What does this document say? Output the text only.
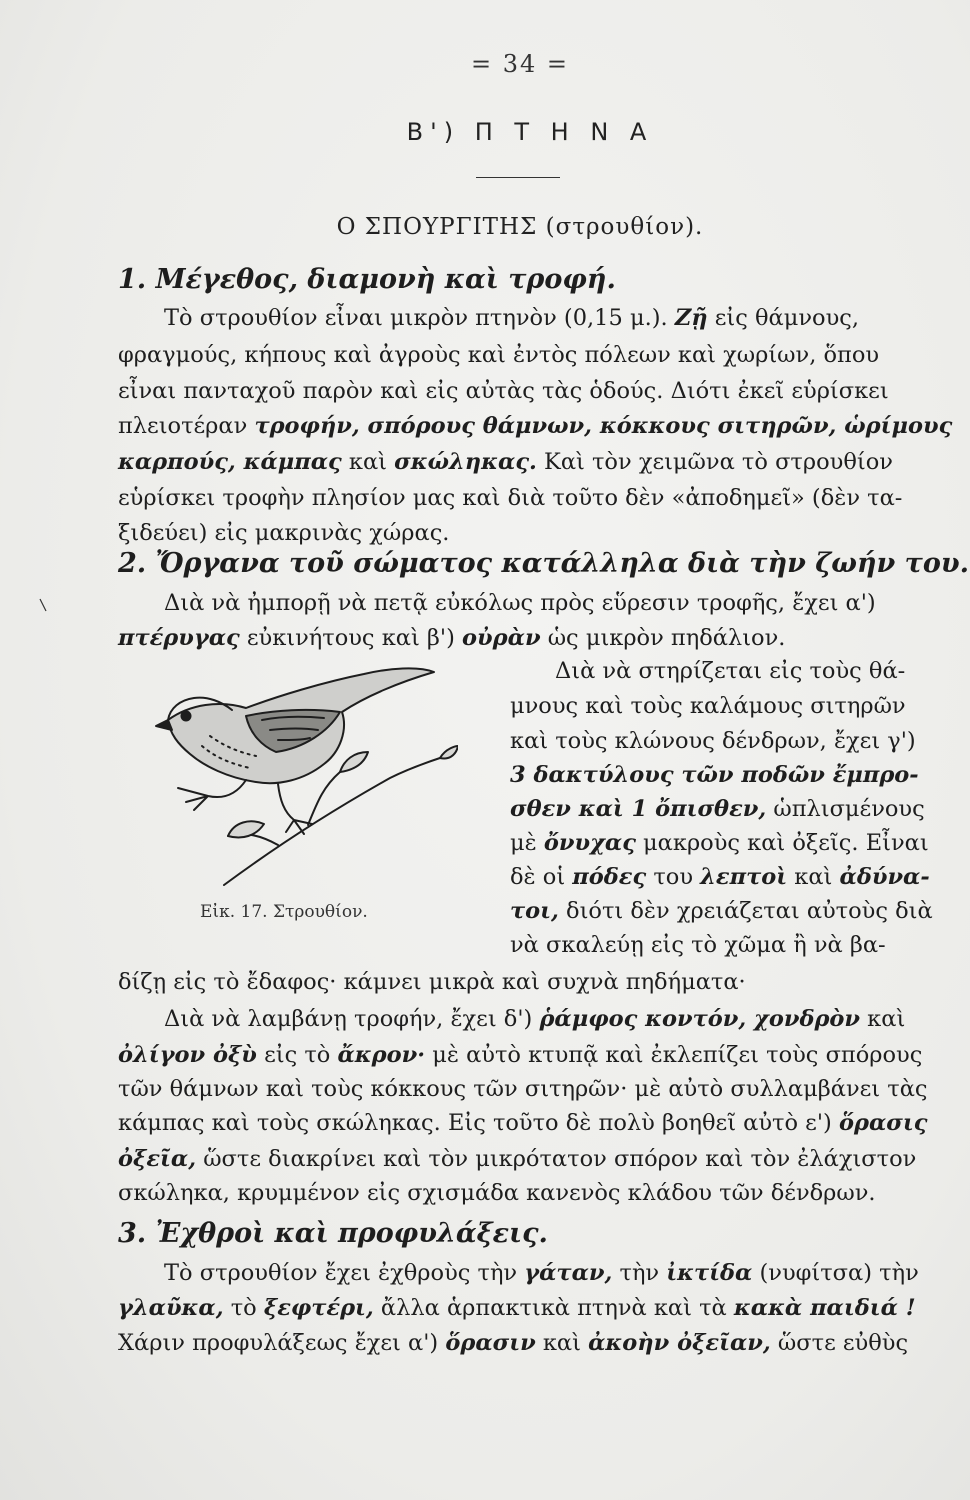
= 34 =
Β') Π Τ Η Ν Α
Ο ΣΠΟΥΡΓΙΤΗΣ (στρουθίον).
1. Μέγεθος, διαμονὴ καὶ τροφή.
Τὸ στρουθίον εἶναι μικρὸν πτηνὸν (0,15 μ.). Ζῇ εἰς θάμνους,
φραγμούς, κήπους καὶ ἀγροὺς καὶ ἐντὸς πόλεων καὶ χωρίων, ὅπου
εἶναι πανταχοῦ παρὸν καὶ εἰς αὐτὰς τὰς ὁδούς. Διότι ἐκεῖ εὑρίσκει
πλειοτέραν τροφήν, σπόρους θάμνων, κόκκους σιτηρῶν, ὡρίμους
καρπούς, κάμπας καὶ σκώληκας. Καὶ τὸν χειμῶνα τὸ στρουθίον
εὑρίσκει τροφὴν πλησίον μας καὶ διὰ τοῦτο δὲν «ἀποδημεῖ» (δὲν τα-
ξιδεύει) εἰς μακρινὰς χώρας.
2. Ὄργανα τοῦ σώματος κατάλληλα διὰ τὴν ζωήν του.
Διὰ νὰ ἠμπορῇ νὰ πετᾷ εὐκόλως πρὸς εὕρεσιν τροφῆς, ἔχει α')
πτέρυγας εὐκινήτους καὶ β') οὐρὰν ὡς μικρὸν πηδάλιον.
Διὰ νὰ στηρίζεται εἰς τοὺς θά-
μνους καὶ τοὺς καλάμους σιτηρῶν
καὶ τοὺς κλώνους δένδρων, ἔχει γ')
3 δακτύλους τῶν ποδῶν ἔμπρο-
σθεν καὶ 1 ὄπισθεν, ὡπλισμένους
μὲ ὄνυχας μακροὺς καὶ ὀξεῖς. Εἶναι
δὲ οἱ πόδες του λεπτοὶ καὶ ἀδύνα-
τοι, διότι δὲν χρειάζεται αὐτοὺς διὰ
νὰ σκαλεύῃ εἰς τὸ χῶμα ἢ νὰ βα-
Εἰκ. 17. Στρουθίον.
δίζῃ εἰς τὸ ἔδαφος· κάμνει μικρὰ καὶ συχνὰ πηδήματα·
Διὰ νὰ λαμβάνῃ τροφήν, ἔχει δ') ῥάμφος κοντόν, χονδρὸν καὶ
ὀλίγον ὀξὺ εἰς τὸ ἄκρον· μὲ αὐτὸ κτυπᾷ καὶ ἐκλεπίζει τοὺς σπόρους
τῶν θάμνων καὶ τοὺς κόκκους τῶν σιτηρῶν· μὲ αὐτὸ συλλαμβάνει τὰς
κάμπας καὶ τοὺς σκώληκας. Εἰς τοῦτο δὲ πολὺ βοηθεῖ αὐτὸ ε') ὅρασις
ὀξεῖα, ὥστε διακρίνει καὶ τὸν μικρότατον σπόρον καὶ τὸν ἐλάχιστον
σκώληκα, κρυμμένον εἰς σχισμάδα κανενὸς κλάδου τῶν δένδρων.
3. Ἐχθροὶ καὶ προφυλάξεις.
Τὸ στρουθίον ἔχει ἐχθροὺς τὴν γάταν, τὴν ἰκτίδα (νυφίτσα) τὴν
γλαῦκα, τὸ ξεφτέρι, ἄλλα ἁρπακτικὰ πτηνὰ καὶ τὰ κακὰ παιδιά !
Χάριν προφυλάξεως ἔχει α') ὅρασιν καὶ ἀκοὴν ὀξεῖαν, ὥστε εὐθὺς
